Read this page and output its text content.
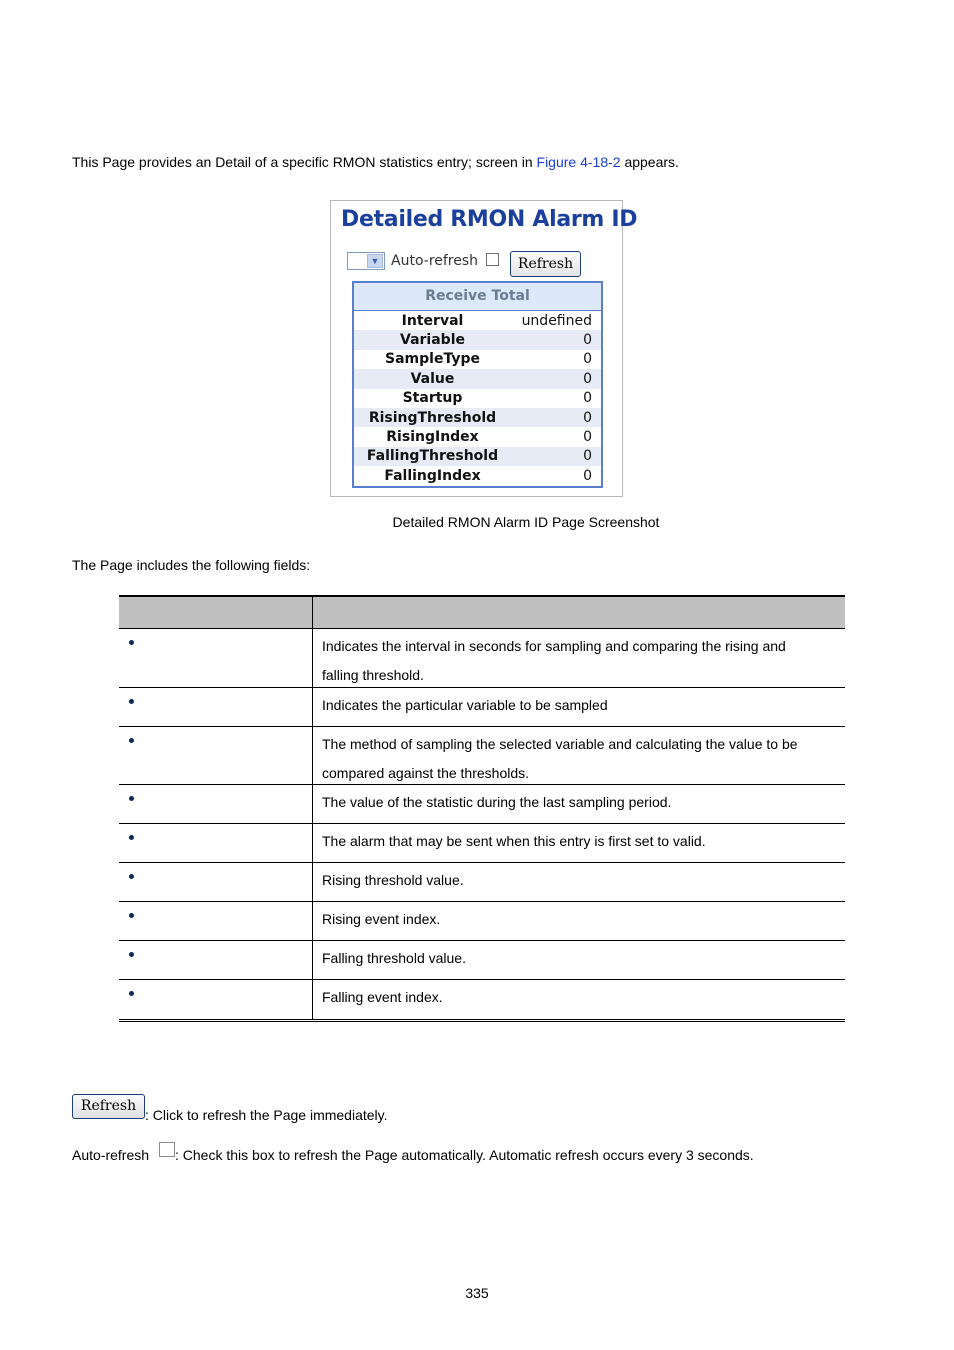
This Page provides an Detail of a specific RMON statistics entry; screen in Figure 4-18-2 appears.
Detailed RMON Alarm ID
▼ Auto-refresh	Refresh
Receive Total
Interval	undefined
Variable	0
SampleType	0
Value	0
Startup	0
RisingThreshold	0
RisingIndex	0
FallingThreshold	0
FallingIndex	0
Detailed RMON Alarm ID Page Screenshot
The Page includes the following fields:
Indicates the interval in seconds for sampling and comparing the rising and
falling threshold.
Indicates the particular variable to be sampled
The method of sampling the selected variable and calculating the value to be
compared against the thresholds.
The value of the statistic during the last sampling period.
The alarm that may be sent when this entry is first set to valid.
Rising threshold value.
Rising event index.
Falling threshold value.
Falling event index.
Refresh
: Click to refresh the Page immediately.
Auto-refresh : Check this box to refresh the Page automatically. Automatic refresh occurs every 3 seconds.
335
